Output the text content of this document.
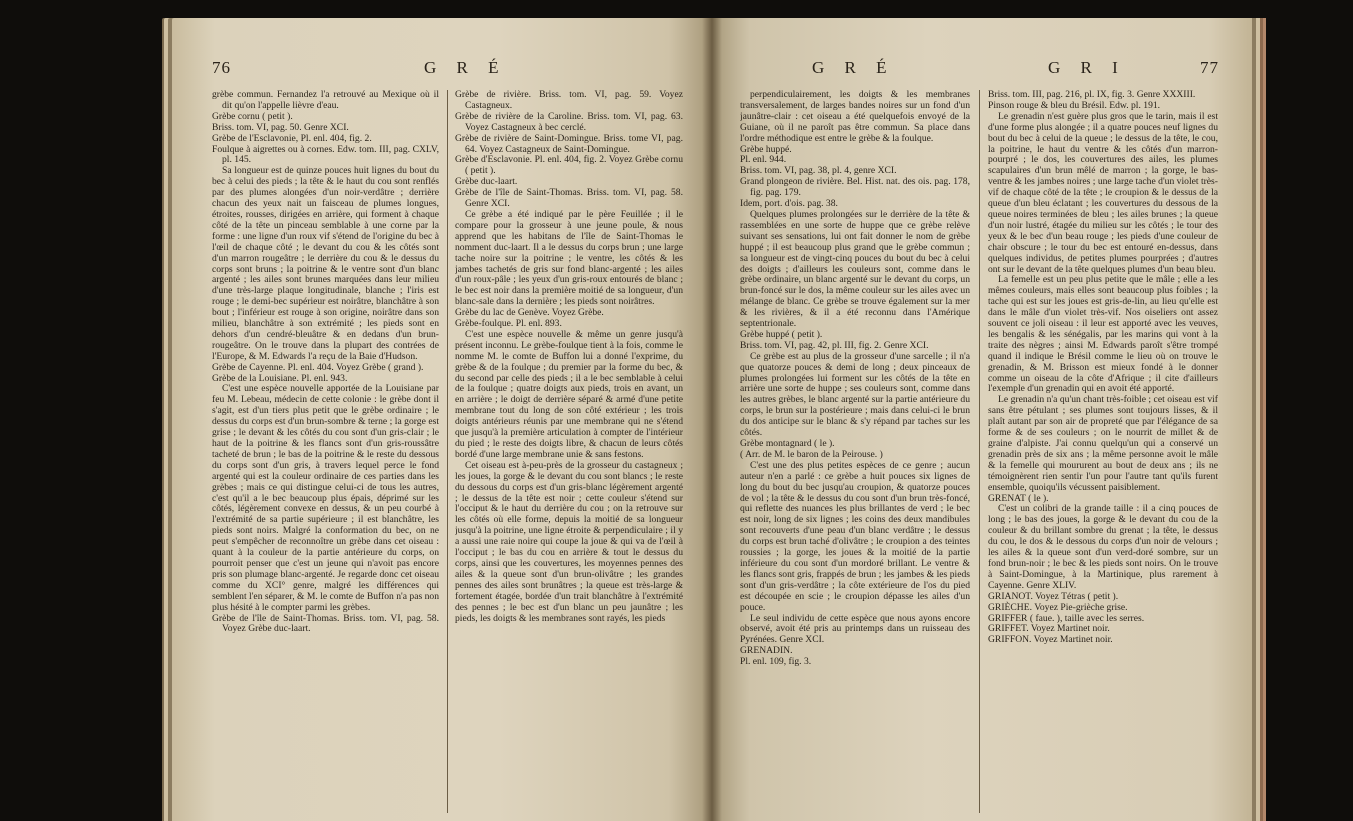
76	G R É

grèbe commun. Fernandez l'a retrouvé au Mexique où il dit qu'on l'appelle lièvre d'eau.

Grèbe cornu ( petit ).

Briss. tom. VI, pag. 50. Genre XCI.

Grèbe de l'Esclavonie, Pl. enl. 404, fig. 2.

Foulque à aigrettes ou à cornes. Edw. tom. III, pag. CXLV, pl. 145.

Sa longueur est de quinze pouces huit lignes du bout du bec à celui des pieds ; la tête & le haut du cou sont renflés par des plumes alongées d'un noir-verdâtre ; derrière chacun des yeux nait un faisceau de plumes longues, étroites, rousses, dirigées en arrière, qui forment à chaque côté de la tête un pinceau semblable à une corne par la forme : une ligne d'un roux vif s'étend de l'origine du bec à l'œil de chaque côté ; le devant du cou & les côtés sont d'un marron rougeâtre ; le derrière du cou & le dessus du corps sont bruns ; la poitrine & le ventre sont d'un blanc argenté ; les ailes sont brunes marquées dans leur milieu d'une très-large plaque longitudinale, blanche ; l'iris est rouge ; le demi-bec supérieur est noirâtre, blanchâtre à son bout ; l'inférieur est rouge à son origine, noirâtre dans son milieu, blanchâtre à son extrémité ; les pieds sont en dehors d'un cendré-bleuâtre & en dedans d'un brun-rougeâtre. On le trouve dans la plupart des contrées de l'Europe, & M. Edwards l'a reçu de la Baie d'Hudson.

Grèbe de Cayenne. Pl. enl. 404. Voyez Grèbe ( grand ).

Grèbe de la Louisiane. Pl. enl. 943.

C'est une espèce nouvelle apportée de la Louisiane par feu M. Lebeau, médecin de cette colonie : le grèbe dont il s'agit, est d'un tiers plus petit que le grèbe ordinaire ; le dessus du corps est d'un brun-sombre & terne ; la gorge est grise ; le devant & les côtés du cou sont d'un gris-clair ; le haut de la poitrine & les flancs sont d'un gris-roussâtre tacheté de brun ; le bas de la poitrine & le reste du dessous du corps sont d'un gris, à travers lequel perce le fond argenté qui est la couleur ordinaire de ces parties dans les grèbes ; mais ce qui distingue celui-ci de tous les autres, c'est qu'il a le bec beaucoup plus épais, déprimé sur les côtés, légèrement convexe en dessus, & un peu courbé à l'extrémité de sa partie supérieure ; il est blanchâtre, les pieds sont noirs. Malgré la conformation du bec, on ne peut s'empêcher de reconnoître un grèbe dans cet oiseau : quant à la couleur de la partie antérieure du corps, on pourroit penser que c'est un jeune qui n'avoit pas encore pris son plumage blanc-argenté. Je regarde donc cet oiseau comme du XCI° genre, malgré les différences qui semblent l'en séparer, & M. le comte de Buffon n'a pas non plus hésité à le compter parmi les grèbes.

Grèbe de l'île de Saint-Thomas. Briss. tom. VI, pag. 58. Voyez Grèbe duc-laart.

Grèbe de rivière. Briss. tom. VI, pag. 59. Voyez Castagneux.

Grèbe de rivière de la Caroline. Briss. tom. VI, pag. 63. Voyez Castagneux à bec cerclé.

Grèbe de rivière de Saint-Domingue. Briss. tome VI, pag. 64. Voyez Castagneux de Saint-Domingue.

Grèbe d'Esclavonie. Pl. enl. 404, fig. 2. Voyez Grèbe cornu ( petit ).

Grèbe duc-laart.

Grèbe de l'île de Saint-Thomas. Briss. tom. VI, pag. 58. Genre XCI.

Ce grèbe a été indiqué par le père Feuillée ; il le compare pour la grosseur à une jeune poule, & nous apprend que les habitans de l'île de Saint-Thomas le nomment duc-laart. Il a le dessus du corps brun ; une large tache noire sur la poitrine ; le ventre, les côtés & les jambes tachetés de gris sur fond blanc-argenté ; les ailes d'un roux-pâle ; les yeux d'un gris-roux entourés de blanc ; le bec est noir dans la première moitié de sa longueur, d'un blanc-sale dans la dernière ; les pieds sont noirâtres.

Grèbe du lac de Genève. Voyez Grèbe.

Grèbe-foulque. Pl. enl. 893.

C'est une espèce nouvelle & même un genre jusqu'à présent inconnu. Le grèbe-foulque tient à la fois, comme le nomme M. le comte de Buffon lui a donné l'exprime, du grèbe & de la foulque ; du premier par la forme du bec, & du second par celle des pieds ; il a le bec semblable à celui de la foulque ; quatre doigts aux pieds, trois en avant, un en arrière ; le doigt de derrière séparé & armé d'une petite membrane tout du long de son côté extérieur ; les trois doigts antérieurs réunis par une membrane qui ne s'étend que jusqu'à la première articulation à compter de l'intérieur du pied ; le reste des doigts libre, & chacun de leurs côtés bordé d'une large membrane unie & sans festons.

Cet oiseau est à-peu-près de la grosseur du castagneux ; les joues, la gorge & le devant du cou sont blancs ; le reste du dessous du corps est d'un gris-blanc légèrement argenté ; le dessus de la tête est noir ; cette couleur s'étend sur l'occiput & le haut du derrière du cou ; on la retrouve sur les côtés où elle forme, depuis la moitié de sa longueur jusqu'à la poitrine, une ligne étroite & perpendiculaire ; il y a aussi une raie noire qui coupe la joue & qui va de l'œil à l'occiput ; le bas du cou en arrière & tout le dessus du corps, ainsi que les couvertures, les moyennes pennes des ailes & la queue sont d'un brun-olivâtre ; les grandes pennes des ailes sont brunâtres ; la queue est très-large & fortement étagée, bordée d'un trait blanchâtre à l'extrémité des pennes ; le bec est d'un blanc un peu jaunâtre ; les pieds, les doigts & les membranes sont rayés, les pieds

G R É	G R I	77

perpendiculairement, les doigts & les membranes transversalement, de larges bandes noires sur un fond d'un jaunâtre-clair : cet oiseau a été quelquefois envoyé de la Guiane, où il ne paroît pas être commun. Sa place dans l'ordre méthodique est entre le grèbe & la foulque.

Grèbe huppé.

Pl. enl. 944.

Briss. tom. VI, pag. 38, pl. 4, genre XCI.

Grand plongeon de rivière. Bel. Hist. nat. des ois. pag. 178, fig. pag. 179.

Idem, port. d'ois. pag. 38.

Quelques plumes prolongées sur le derrière de la tête & rassemblées en une sorte de huppe que ce grèbe relève suivant ses sensations, lui ont fait donner le nom de grèbe huppé ; il est beaucoup plus grand que le grèbe commun ; sa longueur est de vingt-cinq pouces du bout du bec à celui des doigts ; d'ailleurs les couleurs sont, comme dans le grèbe ordinaire, un blanc argenté sur le devant du corps, un brun-foncé sur le dos, la même couleur sur les ailes avec un mélange de blanc. Ce grèbe se trouve également sur la mer & les rivières, & il a été reconnu dans l'Amérique septentrionale.

Grèbe huppé ( petit ).

Briss. tom. VI, pag. 42, pl. III, fig. 2. Genre XCI.

Ce grèbe est au plus de la grosseur d'une sarcelle ; il n'a que quatorze pouces & demi de long ; deux pinceaux de plumes prolongées lui forment sur les côtés de la tête en arrière une sorte de huppe ; ses couleurs sont, comme dans les autres grèbes, le blanc argenté sur la partie antérieure du corps, le brun sur la postérieure ; mais dans celui-ci le brun du dos anticipe sur le blanc & s'y répand par taches sur les côtés.

Grèbe montagnard ( le ).

( Arr. de M. le baron de la Peirouse. )

C'est une des plus petites espèces de ce genre ; aucun auteur n'en a parlé : ce grèbe a huit pouces six lignes de long du bout du bec jusqu'au croupion, & quatorze pouces de vol ; la tête & le dessus du cou sont d'un brun très-foncé, qui reflette des nuances les plus brillantes de verd ; le bec est noir, long de six lignes ; les coins des deux mandibules sont recouverts d'une peau d'un blanc verdâtre ; le dessus du corps est brun taché d'olivâtre ; le croupion a des teintes roussies ; la gorge, les joues & la moitié de la partie inférieure du cou sont d'un mordoré brillant. Le ventre & les flancs sont gris, frappés de brun ; les jambes & les pieds sont d'un gris-verdâtre ; la côte extérieure de l'os du pied est découpée en scie ; le croupion dépasse les ailes d'un pouce.

Le seul individu de cette espèce que nous ayons encore observé, avoit été pris au printemps dans un ruisseau des Pyrénées. Genre XCI.

GRENADIN.

Pl. enl. 109, fig. 3.

Briss. tom. III, pag. 216, pl. IX, fig. 3. Genre XXXIII.

Pinson rouge & bleu du Brésil. Edw. pl. 191.

Le grenadin n'est guère plus gros que le tarin, mais il est d'une forme plus alongée ; il a quatre pouces neuf lignes du bout du bec à celui de la queue ; le dessus de la tête, le cou, la poitrine, le haut du ventre & les côtés d'un marron-pourpré ; le dos, les couvertures des ailes, les plumes scapulaires d'un brun mêlé de marron ; la gorge, le bas-ventre & les jambes noires ; une large tache d'un violet très-vif de chaque côté de la tête ; le croupion & le dessus de la queue d'un bleu éclatant ; les couvertures du dessous de la queue noires terminées de bleu ; les ailes brunes ; la queue d'un noir lustré, étagée du milieu sur les côtés ; le tour des yeux & le bec d'un beau rouge ; les pieds d'une couleur de chair obscure ; le tour du bec est entouré en-dessus, dans quelques individus, de petites plumes pourprées ; d'autres ont sur le devant de la tête quelques plumes d'un beau bleu.

La femelle est un peu plus petite que le mâle ; elle a les mêmes couleurs, mais elles sont beaucoup plus foibles ; la tache qui est sur les joues est gris-de-lin, au lieu qu'elle est dans le mâle d'un violet très-vif. Nos oiseliers ont assez souvent ce joli oiseau : il leur est apporté avec les veuves, les bengalis & les sénégalis, par les marins qui vont à la traite des nègres ; ainsi M. Edwards paroît s'être trompé quand il indique le Brésil comme le lieu où on trouve le grenadin, & M. Brisson est mieux fondé à le donner comme un oiseau de la côte d'Afrique ; il cite d'ailleurs l'exemple d'un grenadin qui en avoit été apporté.

Le grenadin n'a qu'un chant très-foible ; cet oiseau est vif sans être pétulant ; ses plumes sont toujours lisses, & il plaît autant par son air de propreté que par l'élégance de sa forme & de ses couleurs ; on le nourrit de millet & de graine d'alpiste. J'ai connu quelqu'un qui a conservé un grenadin près de six ans ; la même personne avoit le mâle & la femelle qui moururent au bout de deux ans ; ils ne témoignèrent rien sentir l'un pour l'autre tant qu'ils furent ensemble, quoiqu'ils vécussent paisiblement.

GRENAT ( le ).

C'est un colibri de la grande taille : il a cinq pouces de long ; le bas des joues, la gorge & le devant du cou de la couleur & du brillant sombre du grenat ; la tête, le dessus du cou, le dos & le dessous du corps d'un noir de velours ; les ailes & la queue sont d'un verd-doré sombre, sur un fond brun-noir ; le bec & les pieds sont noirs. On le trouve à Saint-Domingue, à la Martinique, plus rarement à Cayenne. Genre XLIV.

GRIANOT. Voyez Tétras ( petit ).

GRIÈCHE. Voyez Pie-grièche grise.

GRIFFER ( faue. ), taille avec les serres.

GRIFFET. Voyez Martinet noir.

GRIFFON. Voyez Martinet noir.
